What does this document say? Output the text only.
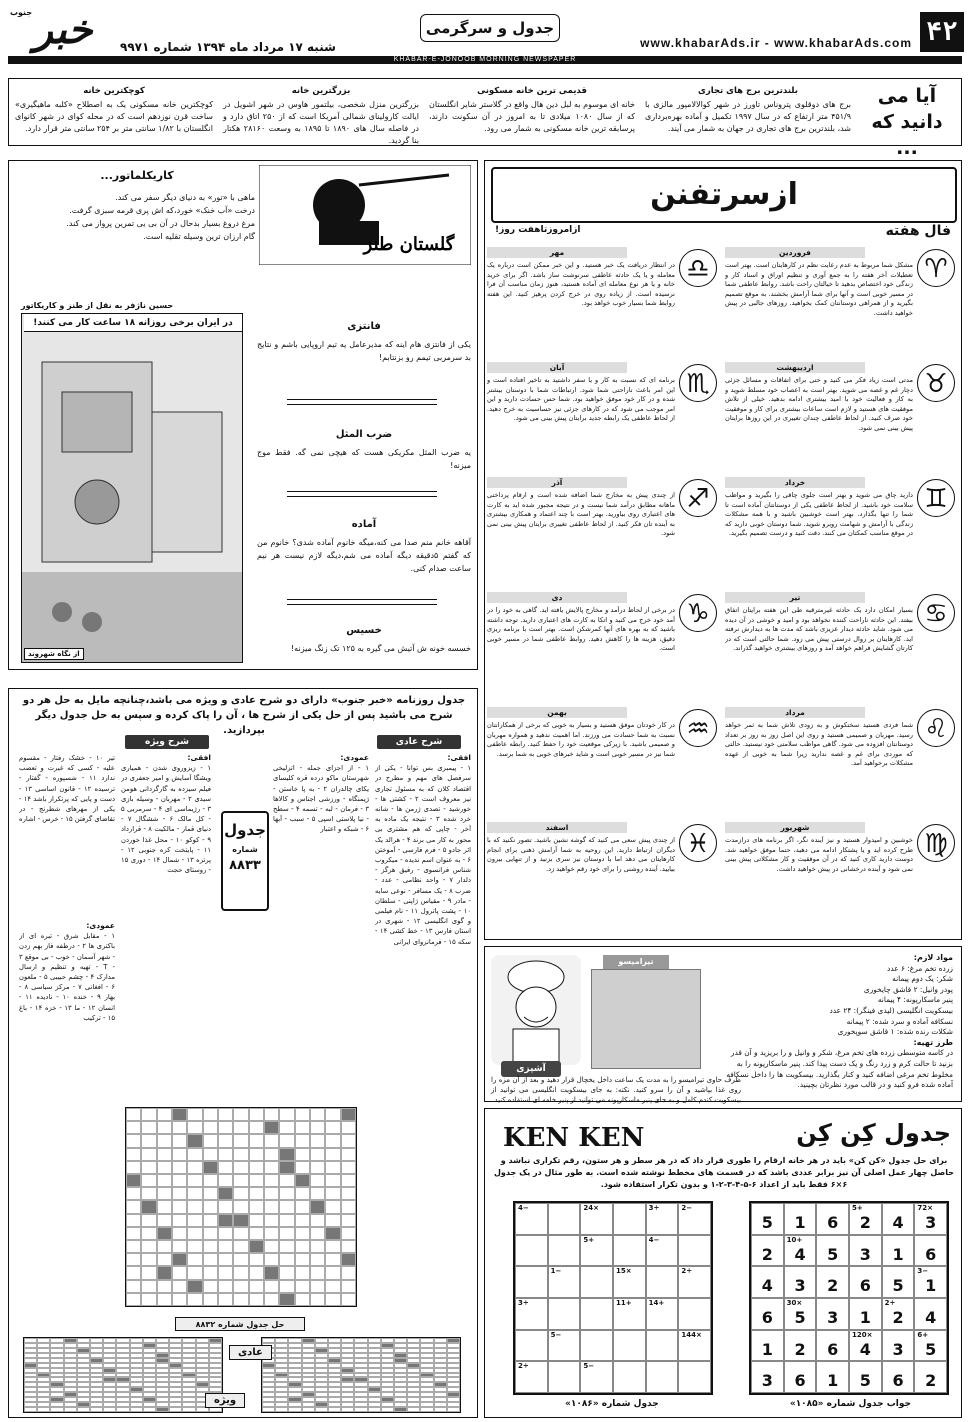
۴۲
www.khabarAds.ir - www.khabarAds.com
جدول و سرگرمی
خبر
جنوب
شنبه ۱۷ مرداد ماه ۱۳۹۴ شماره ۹۹۷۱
KHABAR-E-JONOOB MORNING NEWSPAPER
آیا می دانید که ...
بلندترین برج های تجاری
برج های دوقلوی پتروناس تاورز در شهر کوالالامپور مالزی با ۴۵۱/۹ متر ارتفاع که در سال ۱۹۹۷ تکمیل و آماده بهره‌برداری شد، بلندترین برج های تجاری در جهان به شمار می آیند.
قدیمی ترین خانه مسکونی
خانه ای موسوم به لبل دین هال واقع در گلاستر شایر انگلستان که از سال ۱۰۸۰ میلادی تا به امروز در آن سکونت دارند، پرسابقه ترین خانه مسکونی به شمار می رود.
بزرگترین خانه
بزرگترین منزل شخصی، بیلتمور هاوس در شهر اشویل در ایالت کارولینای شمالی آمریکا است که از ۲۵۰ اتاق دارد و در فاصله سال های ۱۸۹۰ تا ۱۸۹۵ به وسعت ۲۸۱۶۰ هکتار بنا گردید.
کوچکترین خانه
کوچکترین خانه مسکونی یک به اصطلاح «کلبه ماهیگیری» ساخت قرن نوزدهم است که در محله کوای در شهر کانوای انگلستان با ۱/۸۲ سانتی متر بر ۲۵۴ سانتی متر قرار دارد.
گلستان طنز
کاریکلماتور...
ماهی با «تور» به دنیای دیگر سفر می کند.
درخت «آب خنک» خورد،که اش پری قرمه سبزی گرفت.
مرغ دروغ بسیار بدحال در آن بی یی تمرین پرواز می کند.
گام ارزان ترین وسیله تقلیه است.
حسین ناژفر به نقل از طنز و کاریکاتور
در ایران برخی روزانه ۱۸ ساعت کار می کنند!
از نگاه شهروند
فانتزی

یکی از فانتزی هام اینه که مدیرعامل یه تیم اروپایی باشم و نتایج بد سرمربی تیمم رو بزنتابم!

ضرب المثل

یه ضرب المثل مکزیکی هست که هیچی نمی گه. فقط موج میزنه!

آماده

آقاهه خانم منم صدا می کنه،میگه خانوم آماده شدی؟ خانوم من که گفتم ۵دقیقه دیگه آماده می شم،دیگه لازم نیست هر نیم ساعت صدام کنی.

خسیس

خسسه خونه ش آتیش می گیره به ۱۲۵ تک زنگ میزنه!

ازسرتفنن
فال هفته
ازامروزتاهفت روز!
فروردین
♈
مشکل شما مربوط به عدم رعایت نظم در کارهایتان است. بهتر است تعطیلات آخر هفته را به جمع آوری و تنظیم اوراق و اسناد کار و زندگی خود اختصاص بدهید تا خیالتان راحت باشد. روابط عاطفی شما در مسیر خوبی است و آنها برای شما آرامش بخشند. به موقع تصمیم بگیرید و از همراهی دوستانتان کمک بخواهید. روزهای جالبی در پیش خواهید داشت.
اردیبهشت
♉
مدتی است زیاد فکر می کنید و حتی برای اتفاقات و مسائل جزئی دچار غم و غصه می شوید. بهتر است به اعصاب خود مسلط شوید و به کار و فعالیت خود با امید بیشتری ادامه بدهید. خیلی از تلاش موفقیت های هستید و لازم است ساعات بیشتری برای کار و موفقیت خود صرف کنید. از لحاظ عاطفی چندان تغییری در این روزها برایتان پیش بینی نمی شود.
خرداد
♊
دارید چاق می شوید و بهتر است جلوی چاقی را بگیرید و مواظب سلامت خود باشید. از لحاظ عاطفی یکی از دوستانتان آماده است تا شما را تنها بگذارد. بهتر است خوشبین باشید و با همه مشکلات زندگی با آرامش و شهامت روبرو شوید. شما دوستان خوبی دارید که در موقع مناسب کمکتان می کنند. دقت کنید و درست تصمیم بگیرید.
تیر
♋
بسیار امکان دارد یک حادثه غیرمترقبه طی این هفته برایتان اتفاق بیفتد. این حادثه ناراحت کننده نخواهد بود و امید و خوشی در آن دیده می شود. شاید حادثه دیدار عزیزی باشد که مدت ها به دیدارش نرفته اید. کارهایتان بر روال درستی پیش می رود. شما حالتی است که در کارتان گشایش فراهم خواهد آمد و روزهای بیشتری خواهید گذراند.
مرداد
♌
شما فردی هستید سختکوش و به زودی تلاش شما به ثمر خواهد رسید. مهربان و صمیمی هستید و روی این اصل روز به روز بر تعداد دوستانتان افزوده می شود. گاهی مواظب سلامتی خود نیستید. حالتی که موردی برای غم و غصه ندارید زیرا شما به خوبی از عهده مشکلات برخواهید آمد.
شهریور
♍
خوشبین و امیدوار هستید و نیز آینده نگر، اگر برنامه های درازمدت طرح کرده اید و یا پشتکار ادامه می دهید، حتما موفق خواهید شد. دوست دارید کاری کنید که در آن موفقیت و کار مشکلاتی پیش بینی نمی شود و آینده درخشانی در پیش خواهید داشت.
مهر
♎
در انتظار دریافت یک خبر هستید. و این خبر ممکن است درباره یک معامله و یا یک حادثه عاطفی سرنوشت ساز باشد. اگر برای خرید خانه و یا هر نوع معامله ای آماده هستید، هنوز زمان مناسب آن فرا نرسیده است. از زیاده روی در خرج کردن پرهیز کنید. این هفته روابط شما بسیار خوب خواهد بود.
آبان
♏
برنامه ای که نسبت به کار و یا سفر داشتید به تاخیر افتاده است و این امر باعث ناراحتی شما شود. ارتباطات شما با دوستان بیشتر شده و در کار خود موفق خواهید بود. شما حس حسادت دارید و این امر موجب می شود که در کارهای جزئی نیز حساسیت به خرج دهید. از لحاظ عاطفی یک رابطه جدید برایتان پیش بینی می شود.
آذر
♐
از چندی پیش به مخارج شما اضافه شده است و ارقام پرداختی ماهانه مطابق درآمد شما نیست و در نتیجه مجبور شده اید به کارت های اعتباری روی بیاورید. بهتر است با چند اعتماد و همکاری بیشتری به آینده تان فکر کنید. از لحاظ عاطفی تغییری برایتان پیش بینی نمی شود.
دی
♑
در برخی از لحاظ درآمد و مخارج پالایش یافته اید. گاهی به خود را در آمد خود خرج می کنید و اتکا به کارت های اعتباری دارید. توجه داشته باشید که به بهره های آنها کمرشکن است. بهتر است با برنامه ریزی دقیق، هزینه ها را کاهش دهید. روابط عاطفی شما در مسیر خوبی است.
بهمن
♒
در کار خودتان موفق هستید و بسیار به خوبی که برخی از همکارانتان نسبت به شما حسادت می ورزند. اما اهمیت ندهید و همواره مهربان و صمیمی باشید. با زیرکی موقعیت خود را حفظ کنید. رابطه عاطفی شما نیز در مسیر خوبی است و شاید خبرهای خوبی به شما برسد.
اسفند
♓
از چندی پیش سعی می کنید که گوشه نشین باشید. تصور نکنید که با دیگران ارتباط دارید. این روحیه به شما آرامش ذهنی برای انجام کارهایتان می دهد اما با دوستان نیز سری بزنید و از تنهایی بیرون بیایید. آینده روشنی را برای خود رقم خواهید زد.
آشپزی
تیرامیسو	مواد لازم:
زرده تخم مرغ: ۶ عدد
شکر: یک دوم پیمانه
پودر وانیل: ۲ قاشق چایخوری
پنیر ماسکارپونه: ۴ پیمانه
بیسکویت انگلیسی (لیدی فینگر): ۲۴ عدد
نسکافه آماده و سرد شده: ۲ پیمانه
شکلات رنده شده: ۱ قاشق سوپخوری
طرز تهیه:
در کاسه متوسطی زرده های تخم مرغ، شکر و وانیل و را بریزید و آن قدر بزنید تا حالت کرم و زرد رنگ و یک دست پیدا کند. پنیر ماسکارپونه را به مخلوط تخم مرغی اضافه کنید و کنار بگذارید. بیسکویت ها را داخل نسکافه آماده شده فرو کنید و در قالب مورد نظرتان بچینید.
ظرف حاوی تیرامیسو را به مدت یک ساعت داخل یخچال قرار دهید و بعد از آن مزه را روی غذا بپاشید و آن را سرو کنید. نکته: به جای بیسکویت انگلیسی می توانید از بیسکویت کندم کامل و به جای پنیر ماسکارپونه می توانید از پنیر خامه ای استفاده کنید.
جدول کِن کِن
KEN KEN
برای حل جدول «کن کن» باید در هر خانه ارقام را طوری قرار داد که در هر سطر و هر ستون، رقم تکراری نباشد و حاصل چهار عمل اصلی آن نیز برابر عددی باشد که در قسمت های مخطط نوشته شده است. به طور مثال در یک جدول ۶×۶ فقط باید از اعداد ۶-۵-۴-۳-۲-۱ و بدون تکرار استفاده شود.
72×
3
4
5+
2
6
1
5
6
1
3
5
10+
4
2
3−
1
5
6
2
3
4
4
2÷
2
1
3
30×
5
6
6+
5
3
120×
4
6
2
1
2
6
5
1
6
3
2−
3÷
24×
4−
4−
5+
2÷
15×
1−
14+
11+
3÷
144×
5−
5−
2÷
جواب جدول شماره «۱۰۸۵»
جدول شماره «۱۰۸۶»
جدول روزنامه «خبر جنوب» دارای دو شرح عادی و ویژه می باشد،چنانچه مایل به حل هر دو شرح می باشید پس از حل یکی از شرح ها ، آن را پاک کرده و سپس به حل جدول دیگر بپردازید.
شرح عادی
شرح ویژه
افقی:
۱ - پیمبری بس توانا - یکی از سرفصل های مهم و مطرح در اقتصاد کلان که به مسئول تجاری نیز معروف است ۲ - کشتی ها - خورشید - تصدی ژرمن ها - شانه خرد شده ۳ - نتیجه یک ماده به آخر - چاپی که هم مشتری بی محور به کار می برند ۴ - هرالد یک اثر جادو ۵ - فرم فارسی - آموختن ۶ - به عنوان اسم ندیده - میکروب شناس فرانسوی - رفیق هرگز - دلدار ۷ - واحد نظامی - عدد - ضرب ۸ - یک مسافر - نوعی سایه - مادر ۹ - مقیاس ژاپنی - سلطان ۱۰ - پشت پاترول ۱۱ - نام فیلمی و گوی انگلیسی ۱۲ - شهری در استان فارس ۱۳ - خط کشی ۱۴ - سکه ۱۵ - فرمانروای ایرانی
عمودی:
۱ - از اجزای جمله - اتزلیخی شهرستان ماکو درده قره کلیسای یکای چالدران ۲ - به پا خاستن - ژیمنگاه - ورزشی اجناس و کالاها ۳ - فرمان - لبه - تسمه ۴ - سطح - نیا پلاستی اسپی ۵ - سبب - آبها ۶ - شبکه و اعتبار
جدول
شماره
۸۸۳۳
افقی:
۱ - زیزوروی شدن - همیاری ویشگا آسایش و امیر جعفری در فیلم سیزده به گارگردانی هومن سیدی ۲ - مهربان - وسیله بازی ۳ - رژیماسی ای ۴ - سرمربی ۵ - کل مالک ۶ - ششگال ۷ - دنیای قمار - مالکیت ۸ - قرارداد ۹ - کوکو ۱۰ - محل غذا خوردن ۱۱ - پایتخت کره جنوبی ۱۲ - پرتره ۱۳ - شمال ۱۴ - دوری ۱۵ - روستای حجت
تیر ۱۰ - خشک رفتار - مقسوم علیه - کسی که غیرت و تعصب ندارد ۱۱ - شسپوره - گفتار - ترسیده ۱۲ - قانون اساسی ۱۳ - دست و پایی که پرتکرار باشد ۱۴ - یکی از مهرهای شطرنج - در تقاضای گرفتن ۱۵ - خرس - اشاره
عمودی:
۱ - مقابل شرق - تبره ای از باکتری ها ۲ - درطفه فاز بهم زدن - شهر آسمان - خوب - بی موقع ۳ - T - تهیه و تنظیم و ارسال مدارک ۴ - چشم حبیبی ۵ - ملعون ۶ - افغانی ۷ - مرکز سیاسی ۸ - بهار ۹ - خنده ۱۰ - نادیده ۱۱ - انسان ۱۲ - ما ۱۳ - خزه ۱۴ - باغ ۱۵ - ترکیب
حل جدول شماره ۸۸۳۲
عادی
ویژه
